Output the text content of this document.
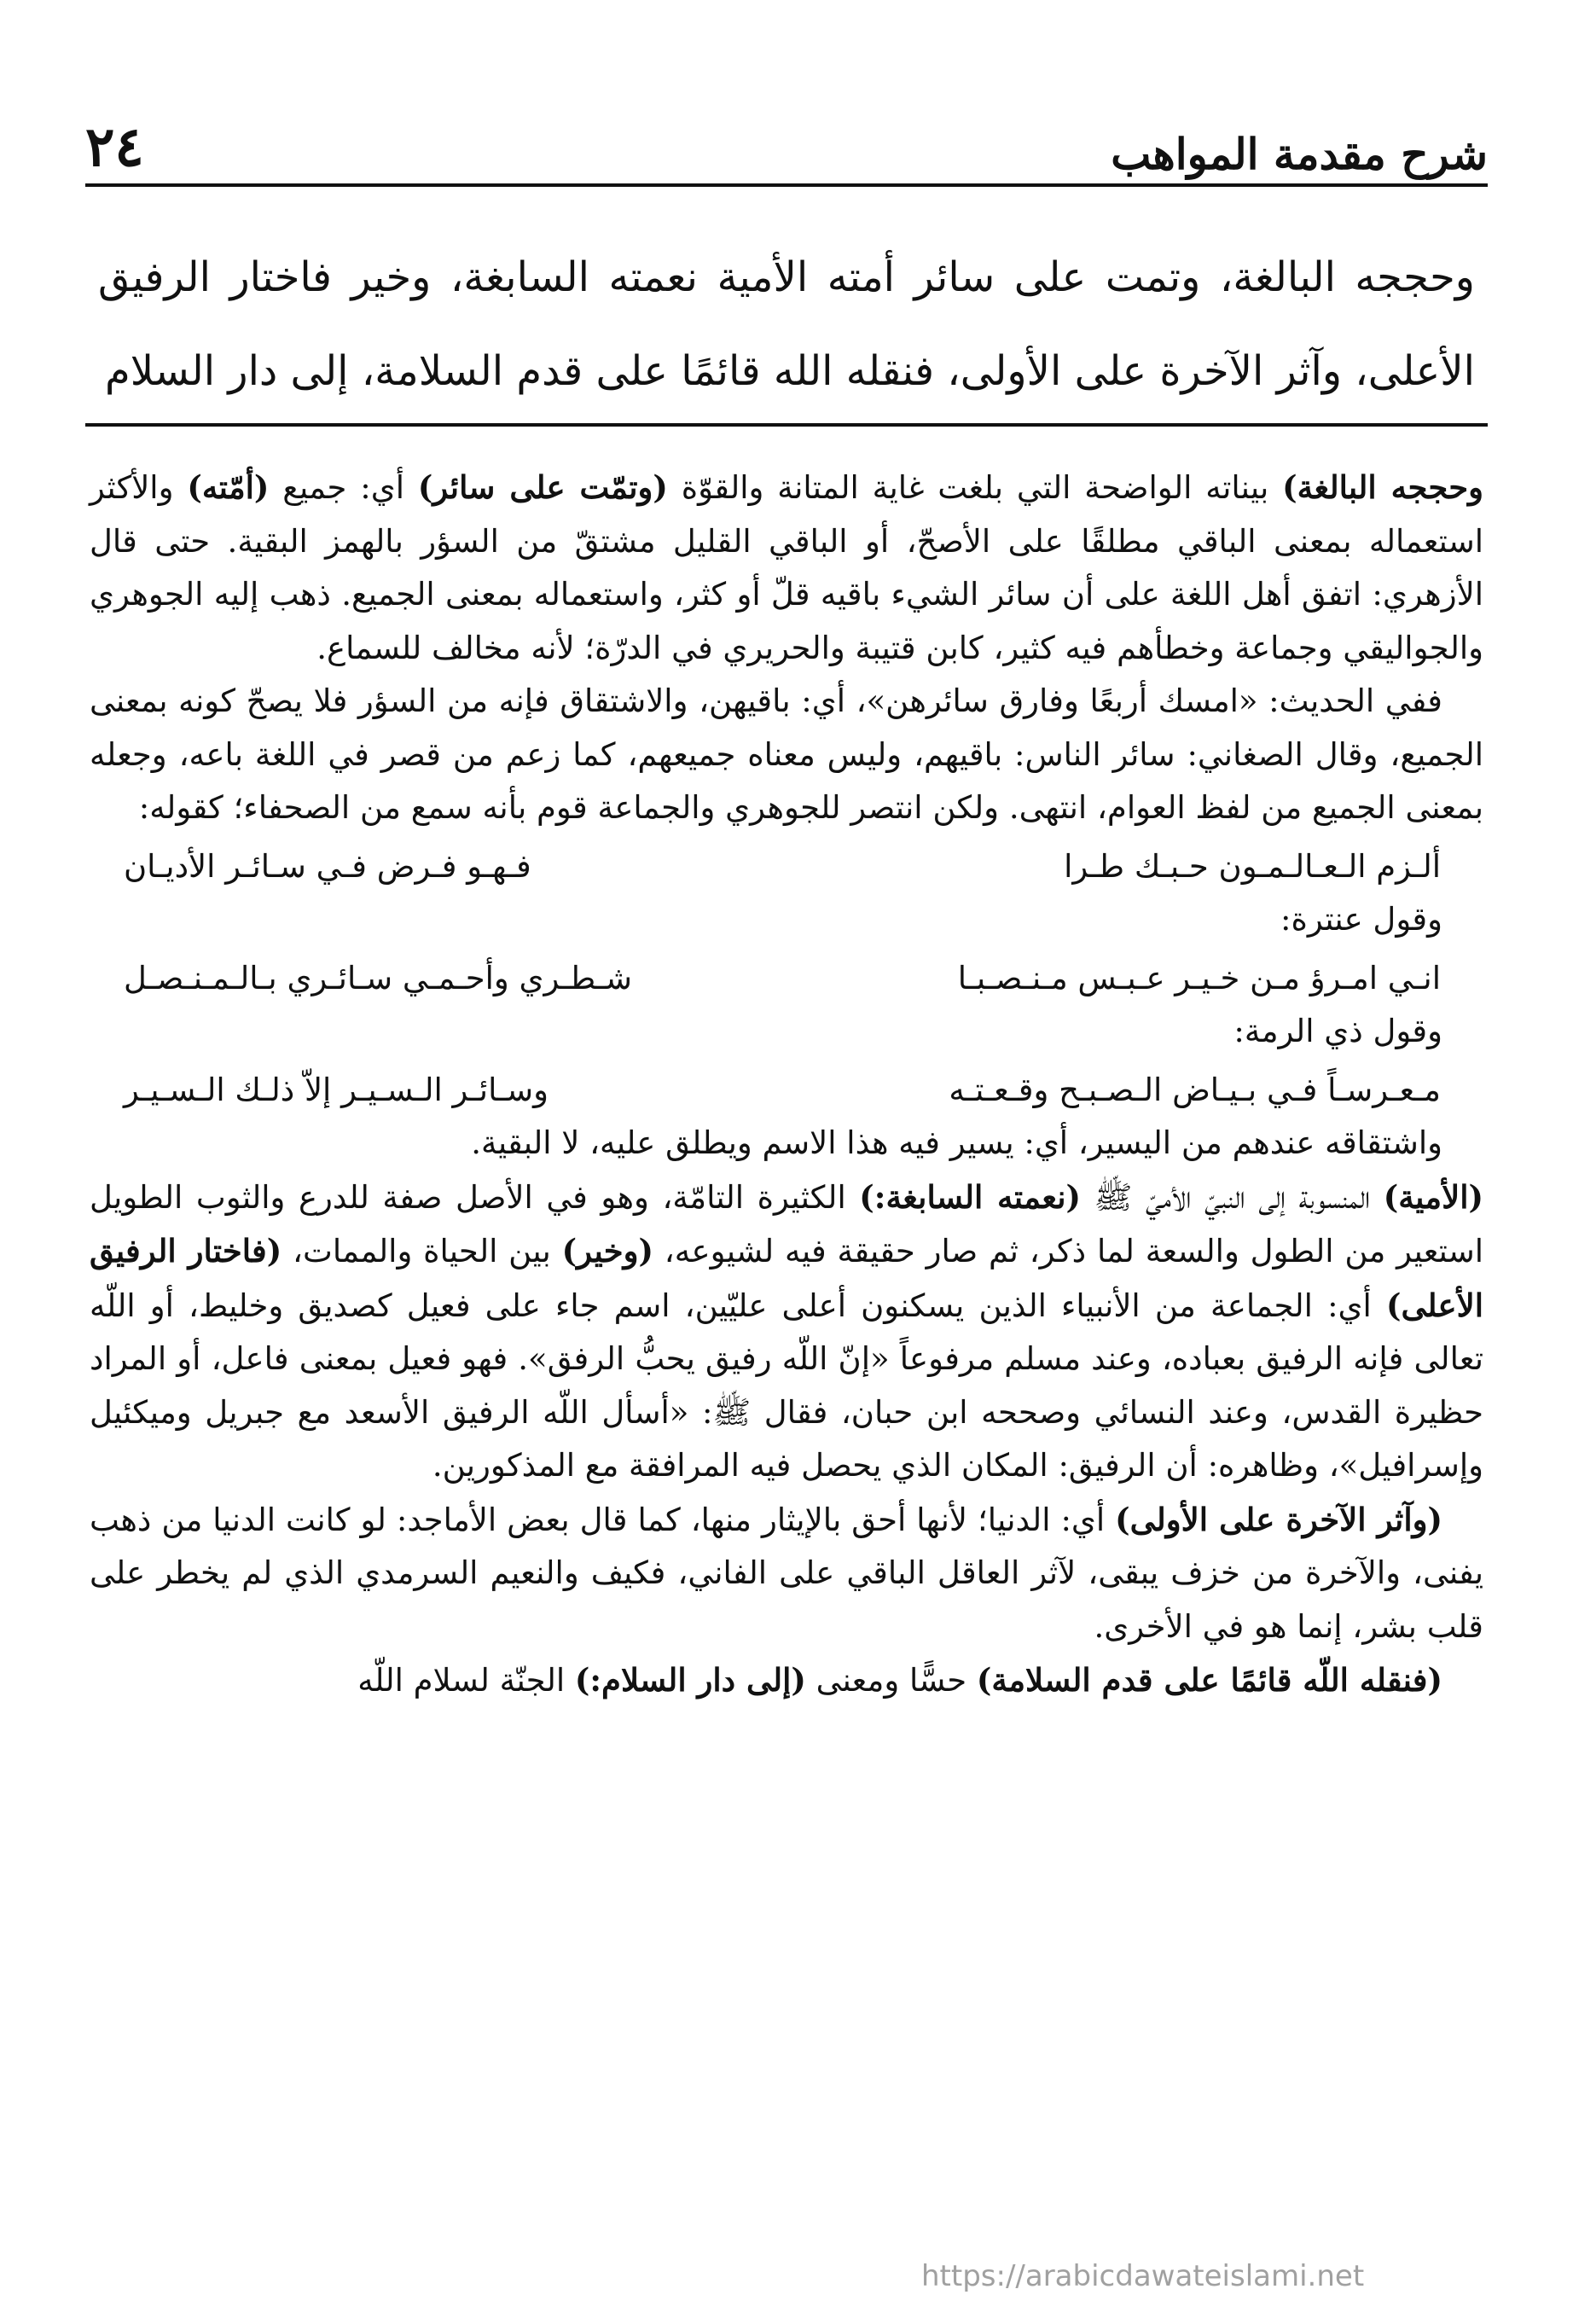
٢٤	شرح مقدمة المواهب
وحججه البالغة، وتمت على سائر أمته الأمية نعمته السابغة، وخير فاختار الرفيق الأعلى، وآثر الآخرة على الأولى، فنقله الله قائمًا على قدم السلامة، إلى دار السلام

وحججه البالغة) بيناته الواضحة التي بلغت غاية المتانة والقوّة (وتمّت على سائر) أي: جميع (أمّته) والأكثر استعماله بمعنى الباقي مطلقًا على الأصحّ، أو الباقي القليل مشتقّ من السؤر بالهمز البقية. حتى قال الأزهري: اتفق أهل اللغة على أن سائر الشيء باقيه قلّ أو كثر، واستعماله بمعنى الجميع. ذهب إليه الجوهري والجواليقي وجماعة وخطأهم فيه كثير، كابن قتيبة والحريري في الدرّة؛ لأنه مخالف للسماع.

ففي الحديث: «امسك أربعًا وفارق سائرهن»، أي: باقيهن، والاشتقاق فإنه من السؤر فلا يصحّ كونه بمعنى الجميع، وقال الصغاني: سائر الناس: باقيهم، وليس معناه جميعهم، كما زعم من قصر في اللغة باعه، وجعله بمعنى الجميع من لفظ العوام، انتهى. ولكن انتصر للجوهري والجماعة قوم بأنه سمع من الصحفاء؛ كقوله:

ألـزم الـعـالـمـون حـبـك طـرا
فـهـو فـرض فـي سـائـر الأديـان

وقول عنترة:

انـي امـرؤ مـن خـيـر عـبـس مـنـصـبـا
شـطـري وأحـمـي سـائـري بـالـمـنـصـل

وقول ذي الرمة:

مـعـرسـاً فـي بـيـاض الـصـبـح وقـعـتـه
وسـائـر الـسـيـر إلاّ ذلـك الـسـيـر

واشتقاقه عندهم من اليسير، أي: يسير فيه هذا الاسم ويطلق عليه، لا البقية.

(الأمية) المنسوبة إلى النبيّ الأميّ ﷺ (نعمته السابغة:) الكثيرة التامّة، وهو في الأصل صفة للدرع والثوب الطويل استعير من الطول والسعة لما ذكر، ثم صار حقيقة فيه لشيوعه، (وخير) بين الحياة والممات، (فاختار الرفيق الأعلى) أي: الجماعة من الأنبياء الذين يسكنون أعلى عليّين، اسم جاء على فعيل كصديق وخليط، أو اللّه تعالى فإنه الرفيق بعباده، وعند مسلم مرفوعاً «إنّ اللّه رفيق يحبُّ الرفق». فهو فعيل بمعنى فاعل، أو المراد حظيرة القدس، وعند النسائي وصححه ابن حبان، فقال ﷺ: «أسأل اللّه الرفيق الأسعد مع جبريل وميكئيل وإسرافيل»، وظاهره: أن الرفيق: المكان الذي يحصل فيه المرافقة مع المذكورين.

(وآثر الآخرة على الأولى) أي: الدنيا؛ لأنها أحق بالإيثار منها، كما قال بعض الأماجد: لو كانت الدنيا من ذهب يفنى، والآخرة من خزف يبقى، لآثر العاقل الباقي على الفاني، فكيف والنعيم السرمدي الذي لم يخطر على قلب بشر، إنما هو في الأخرى.

(فنقله اللّه قائمًا على قدم السلامة) حسًّا ومعنى (إلى دار السلام:) الجنّة لسلام اللّه

https://arabicdawateislami.net
